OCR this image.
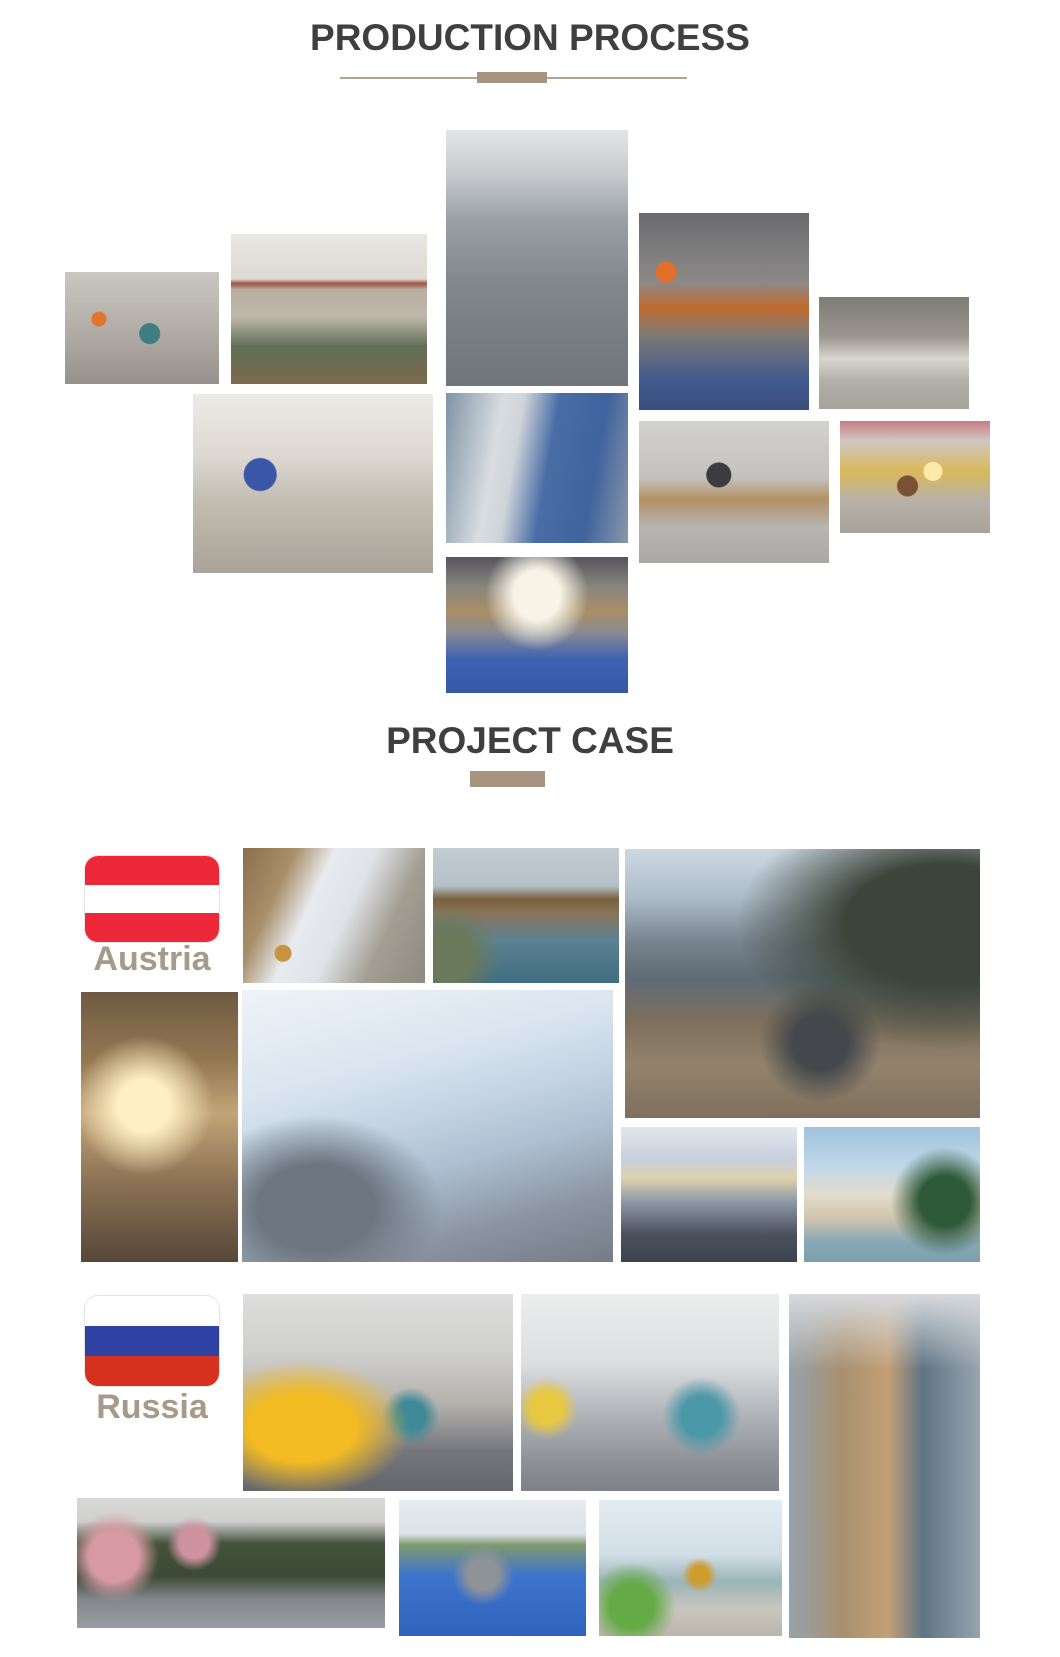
PRODUCTION PROCESS
PROJECT CASE
Austria
Russia
